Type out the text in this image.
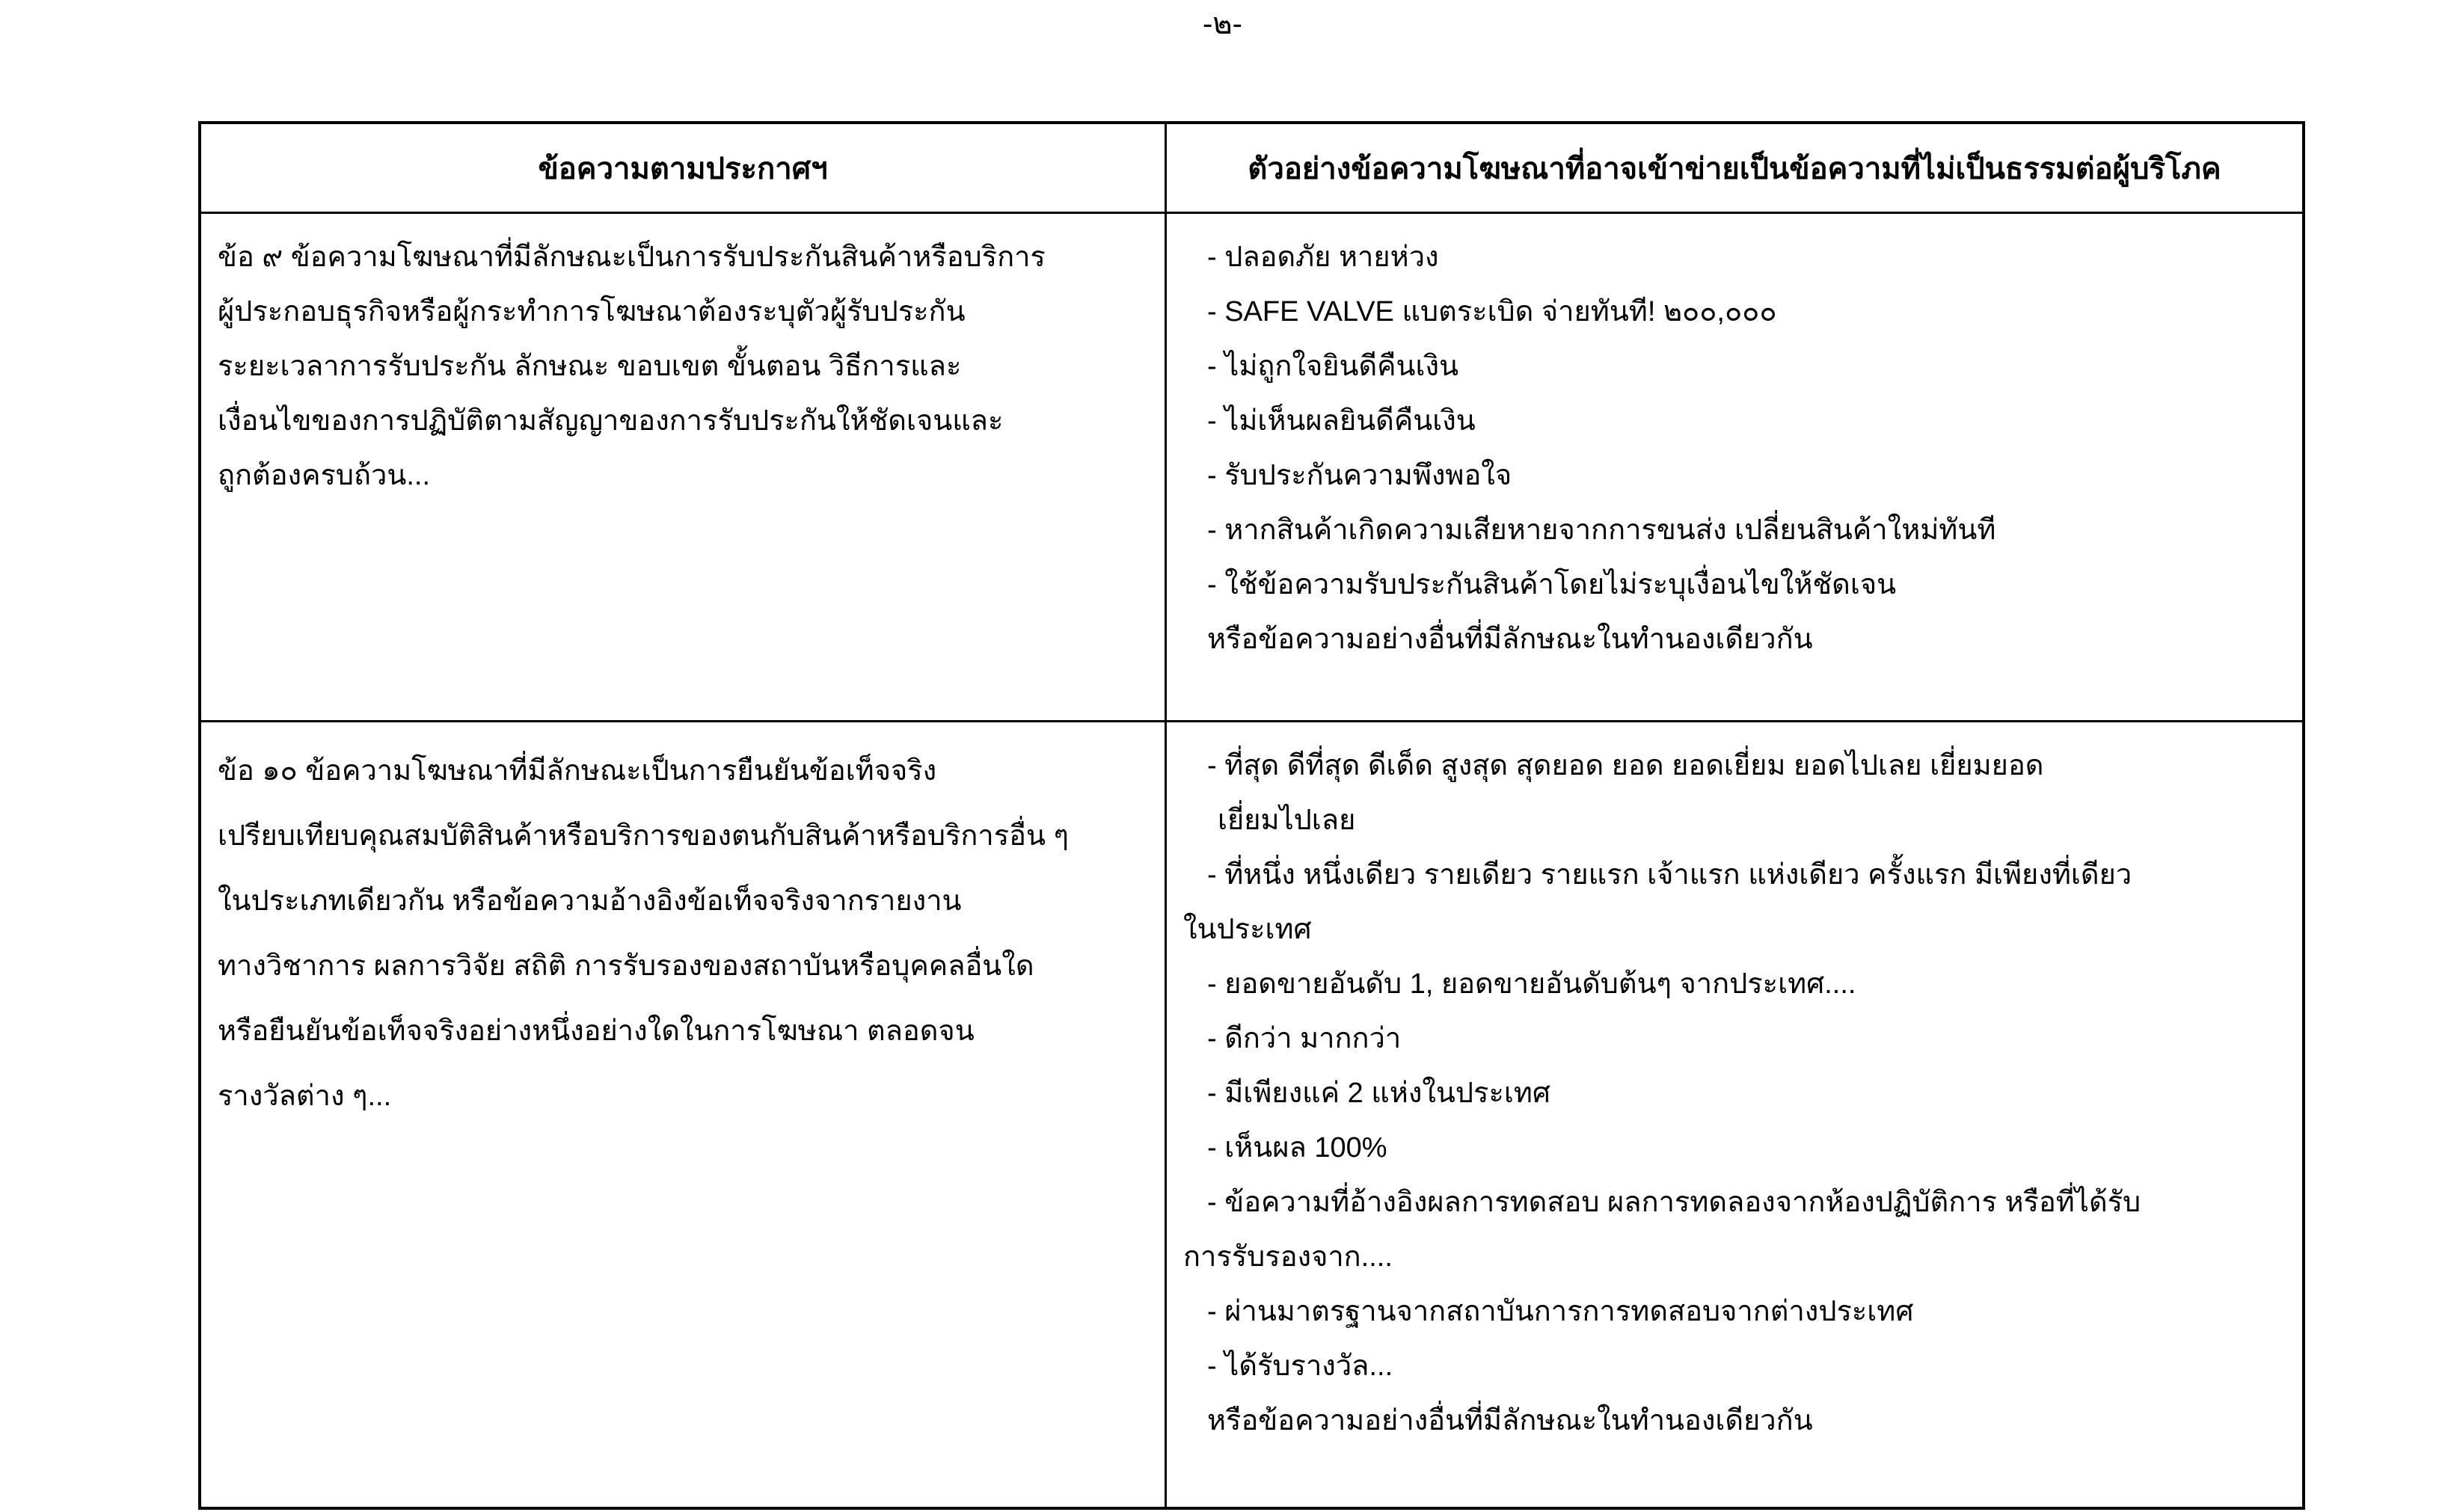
-๒-
ข้อความตามประกาศฯ	ตัวอย่างข้อความโฆษณาที่อาจเข้าข่ายเป็นข้อความที่ไม่เป็นธรรมต่อผู้บริโภค
ข้อ ๙ ข้อความโฆษณาที่มีลักษณะเป็นการรับประกันสินค้าหรือบริการ
ผู้ประกอบธุรกิจหรือผู้กระทำการโฆษณาต้องระบุตัวผู้รับประกัน
ระยะเวลาการรับประกัน ลักษณะ ขอบเขต ขั้นตอน วิธีการและ
เงื่อนไขของการปฏิบัติตามสัญญาของการรับประกันให้ชัดเจนและ
ถูกต้องครบถ้วน...
- ปลอดภัย หายห่วง
- SAFE VALVE แบตระเบิด จ่ายทันที! ๒๐๐,๐๐๐
- ไม่ถูกใจยินดีคืนเงิน
- ไม่เห็นผลยินดีคืนเงิน
- รับประกันความพึงพอใจ
- หากสินค้าเกิดความเสียหายจากการขนส่ง เปลี่ยนสินค้าใหม่ทันที
- ใช้ข้อความรับประกันสินค้าโดยไม่ระบุเงื่อนไขให้ชัดเจน
หรือข้อความอย่างอื่นที่มีลักษณะในทำนองเดียวกัน
ข้อ ๑๐ ข้อความโฆษณาที่มีลักษณะเป็นการยืนยันข้อเท็จจริง
เปรียบเทียบคุณสมบัติสินค้าหรือบริการของตนกับสินค้าหรือบริการอื่น ๆ
ในประเภทเดียวกัน หรือข้อความอ้างอิงข้อเท็จจริงจากรายงาน
ทางวิชาการ ผลการวิจัย สถิติ การรับรองของสถาบันหรือบุคคลอื่นใด
หรือยืนยันข้อเท็จจริงอย่างหนึ่งอย่างใดในการโฆษณา ตลอดจน
รางวัลต่าง ๆ...
- ที่สุด ดีที่สุด ดีเด็ด สูงสุด สุดยอด ยอด ยอดเยี่ยม ยอดไปเลย เยี่ยมยอด
เยี่ยมไปเลย
- ที่หนึ่ง หนึ่งเดียว รายเดียว รายแรก เจ้าแรก แห่งเดียว ครั้งแรก มีเพียงที่เดียว
ในประเทศ
- ยอดขายอันดับ 1, ยอดขายอันดับต้นๆ จากประเทศ....
- ดีกว่า มากกว่า
- มีเพียงแค่ 2 แห่งในประเทศ
- เห็นผล 100%
- ข้อความที่อ้างอิงผลการทดสอบ ผลการทดลองจากห้องปฏิบัติการ หรือที่ได้รับ
การรับรองจาก....
- ผ่านมาตรฐานจากสถาบันการการทดสอบจากต่างประเทศ
- ได้รับรางวัล...
หรือข้อความอย่างอื่นที่มีลักษณะในทำนองเดียวกัน
